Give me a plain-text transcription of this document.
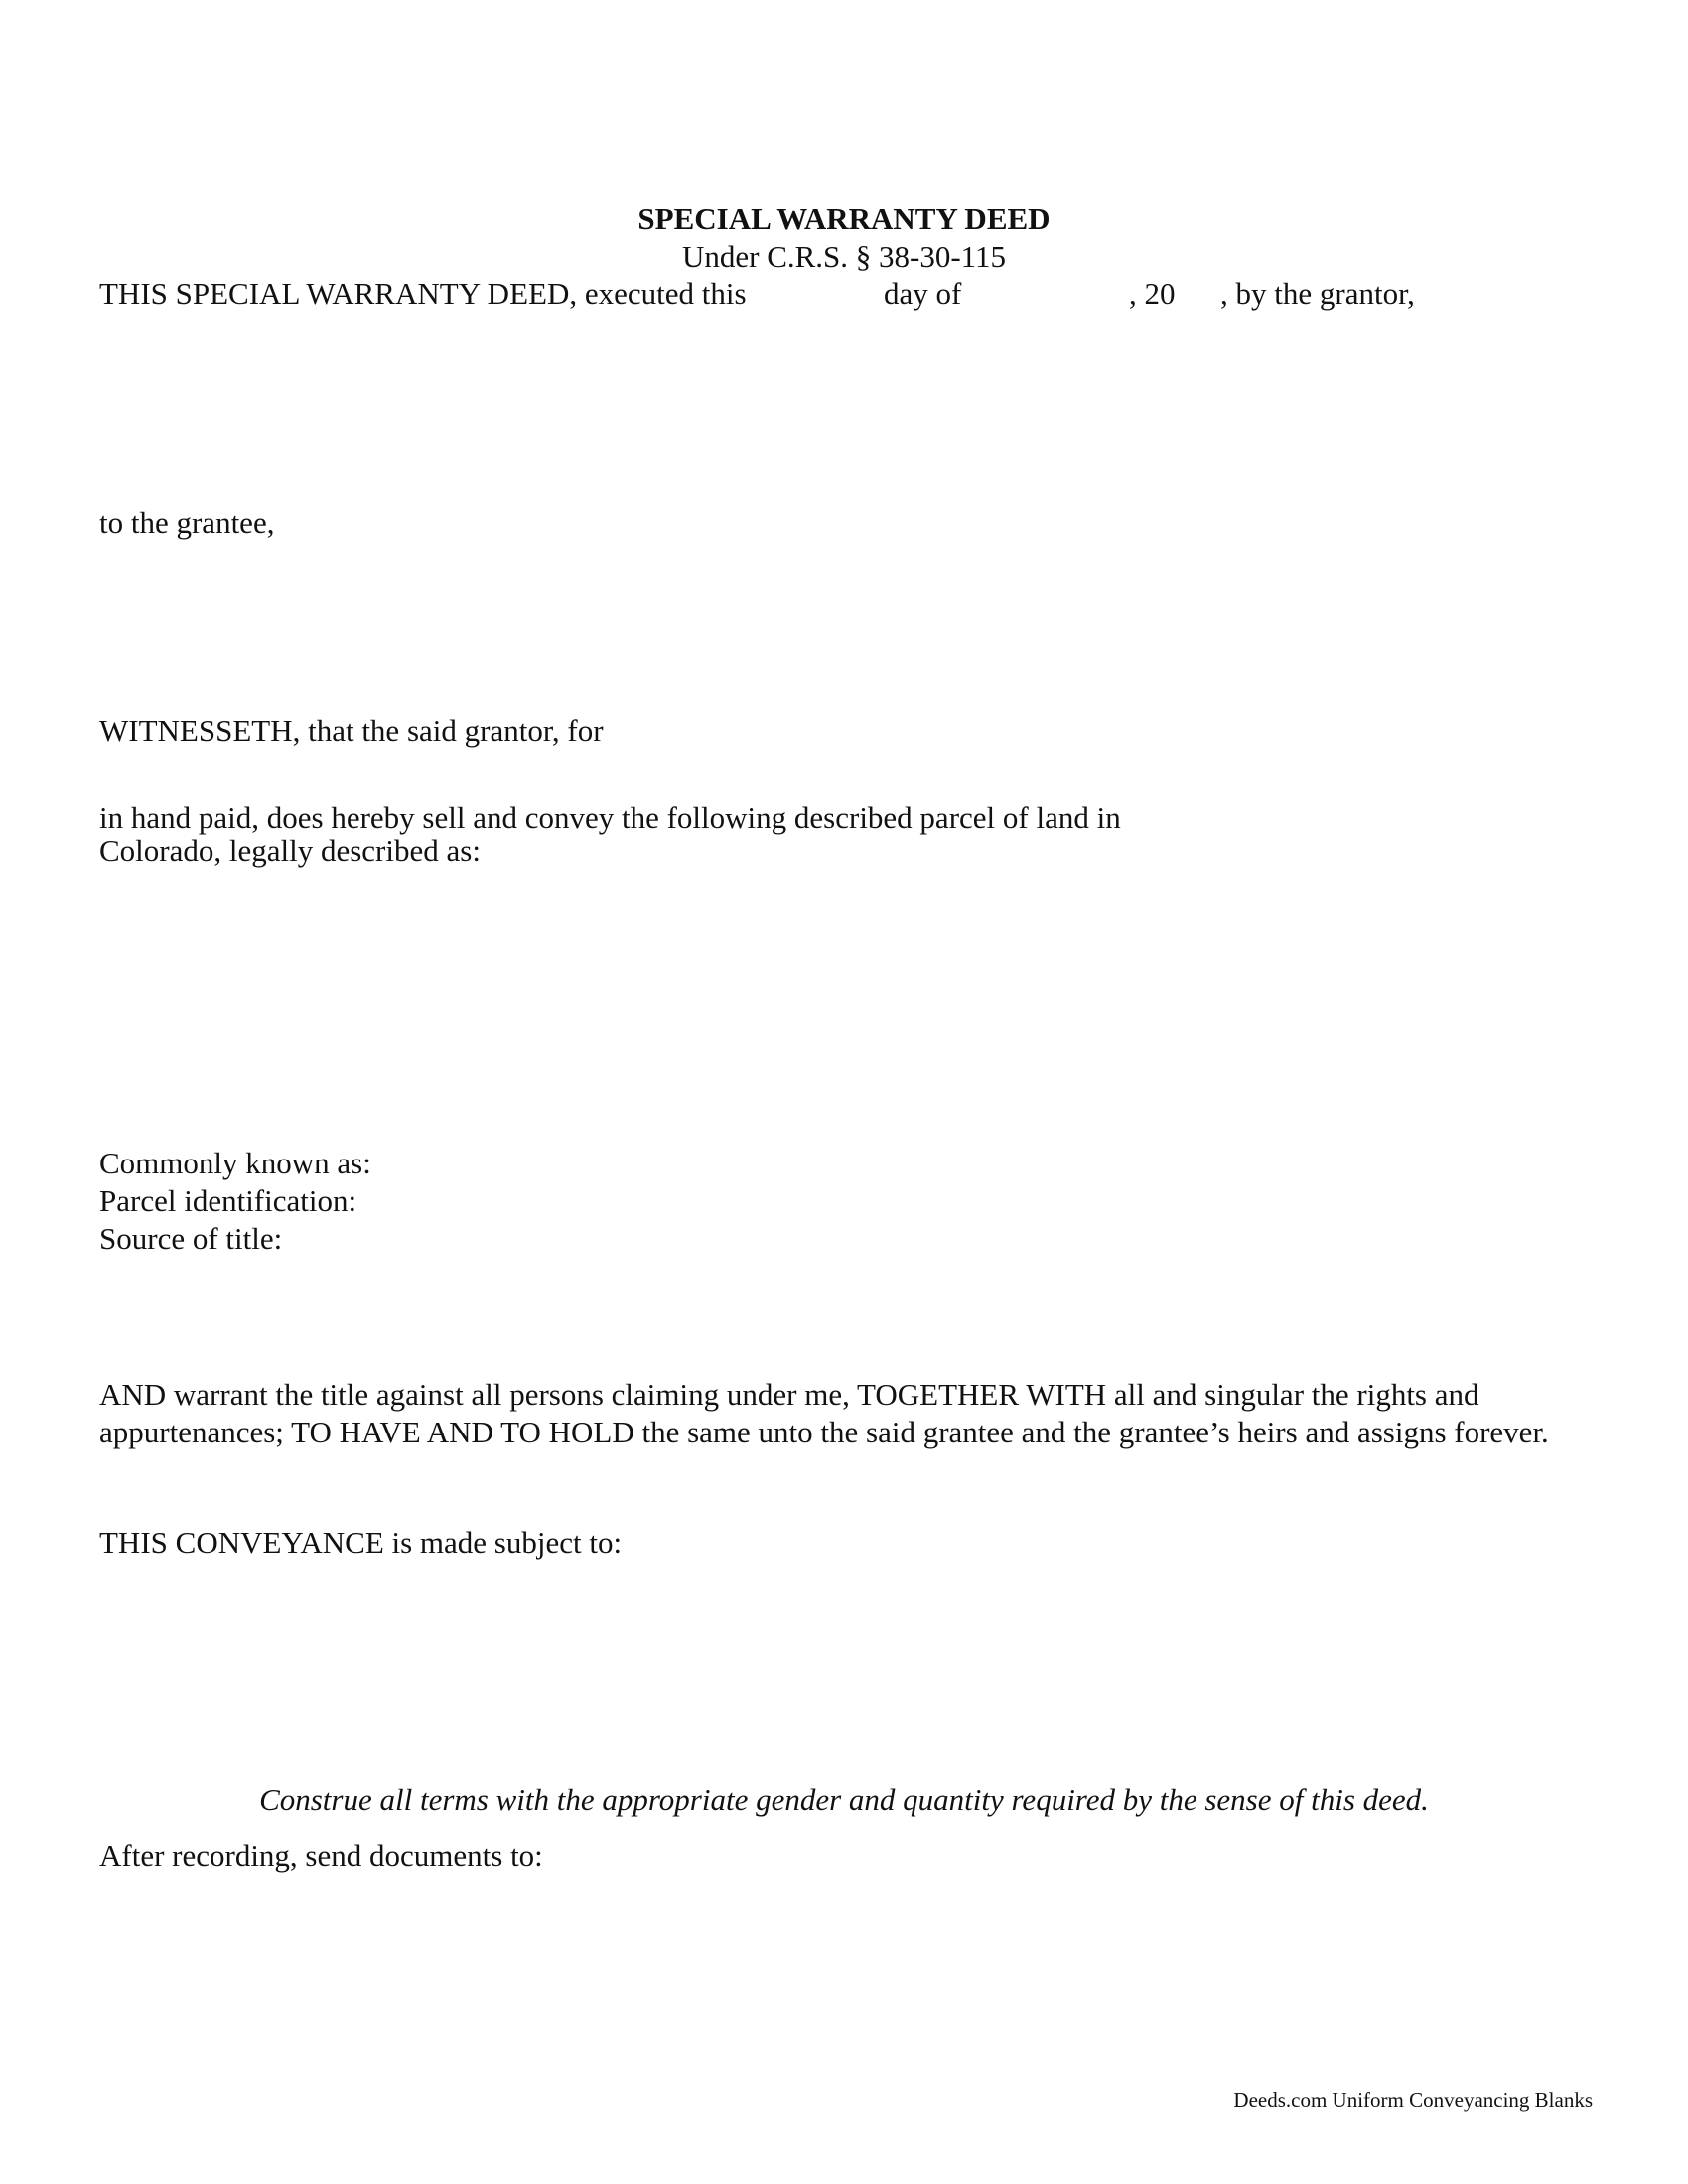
SPECIAL WARRANTY DEED
Under C.R.S. § 38-30-115
THIS SPECIAL WARRANTY DEED, executed this	day of	, 20 , by the grantor,
to the grantee,
WITNESSETH, that the said grantor, for
in hand paid, does hereby sell and convey the following described parcel of land in
Colorado, legally described as:
Commonly known as:
Parcel identification:
Source of title:
AND warrant the title against all persons claiming under me, TOGETHER WITH all and singular the rights and appurtenances; TO HAVE AND TO HOLD the same unto the said grantee and the grantee’s heirs and assigns forever.
THIS CONVEYANCE is made subject to:
Construe all terms with the appropriate gender and quantity required by the sense of this deed.
After recording, send documents to:
Deeds.com Uniform Conveyancing Blanks
